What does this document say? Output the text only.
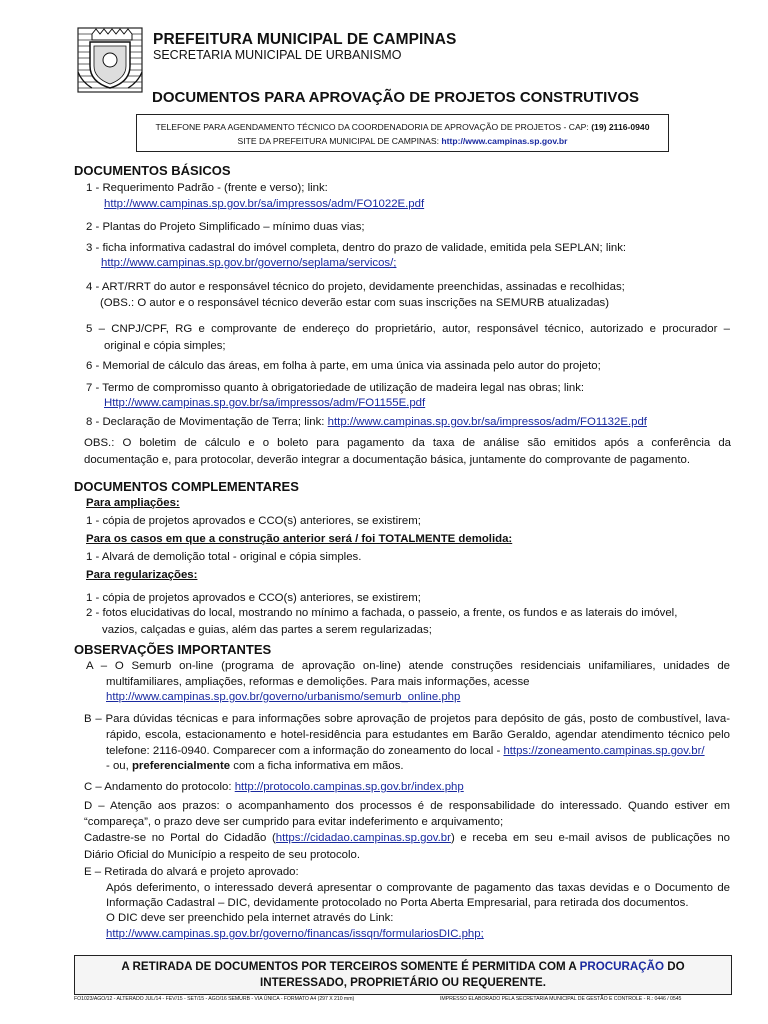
PREFEITURA MUNICIPAL DE CAMPINAS
SECRETARIA MUNICIPAL DE URBANISMO
DOCUMENTOS PARA APROVAÇÃO DE PROJETOS CONSTRUTIVOS
TELEFONE PARA AGENDAMENTO TÉCNICO DA COORDENADORIA DE APROVAÇÃO DE PROJETOS - CAP: (19) 2116-0940
SITE DA PREFEITURA MUNICIPAL DE CAMPINAS: http://www.campinas.sp.gov.br
DOCUMENTOS BÁSICOS
1 - Requerimento Padrão - (frente e verso); link:
http://www.campinas.sp.gov.br/sa/impressos/adm/FO1022E.pdf
2 - Plantas do Projeto Simplificado – mínimo duas vias;
3 - ficha informativa cadastral do imóvel completa, dentro do prazo de validade, emitida pela SEPLAN; link:
http://www.campinas.sp.gov.br/governo/seplama/servicos/;
4 - ART/RRT do autor e responsável técnico do projeto, devidamente preenchidas, assinadas e recolhidas;
(OBS.: O autor e o responsável técnico deverão estar com suas inscrições na SEMURB atualizadas)
5 – CNPJ/CPF, RG e comprovante de endereço do proprietário, autor, responsável técnico, autorizado e procurador –
original e cópia simples;
6 - Memorial de cálculo das áreas, em folha à parte, em uma única via assinada pelo autor do projeto;
7 - Termo de compromisso quanto à obrigatoriedade de utilização de madeira legal nas obras; link:
Http://www.campinas.sp.gov.br/sa/impressos/adm/FO1155E.pdf
8 - Declaração de Movimentação de Terra; link: http://www.campinas.sp.gov.br/sa/impressos/adm/FO1132E.pdf
OBS.: O boletim de cálculo e o boleto para pagamento da taxa de análise são emitidos após a conferência da
documentação e, para protocolar, deverão integrar a documentação básica, juntamente do comprovante de pagamento.
DOCUMENTOS COMPLEMENTARES
Para ampliações:
1 - cópia de projetos aprovados e CCO(s) anteriores, se existirem;
Para os casos em que a construção anterior será / foi TOTALMENTE demolida:
1 - Alvará de demolição total - original e cópia simples.
Para regularizações:
1 - cópia de projetos aprovados e CCO(s) anteriores, se existirem;
2 - fotos elucidativas do local, mostrando no mínimo a fachada, o passeio, a frente, os fundos e as laterais do imóvel,
vazios, calçadas e guias, além das partes a serem regularizadas;
OBSERVAÇÕES IMPORTANTES
A – O Semurb on-line (programa de aprovação on-line) atende construções residenciais unifamiliares, unidades de
multifamiliares, ampliações, reformas e demolições. Para mais informações, acesse
http://www.campinas.sp.gov.br/governo/urbanismo/semurb_online.php
B – Para dúvidas técnicas e para informações sobre aprovação de projetos para depósito de gás, posto de combustível, lava-
rápido, escola, estacionamento e hotel-residência para estudantes em Barão Geraldo, agendar atendimento técnico pelo
telefone: 2116-0940. Comparecer com a informação do zoneamento do local - https://zoneamento.campinas.sp.gov.br/
- ou, preferencialmente com a ficha informativa em mãos.
C – Andamento do protocolo: http://protocolo.campinas.sp.gov.br/index.php
D – Atenção aos prazos: o acompanhamento dos processos é de responsabilidade do interessado. Quando estiver em
“compareça”, o prazo deve ser cumprido para evitar indeferimento e arquivamento;
Cadastre-se no Portal do Cidadão (https://cidadao.campinas.sp.gov.br) e receba em seu e-mail avisos de publicações no
Diário Oficial do Município a respeito de seu protocolo.
E – Retirada do alvará e projeto aprovado:
Após deferimento, o interessado deverá apresentar o comprovante de pagamento das taxas devidas e o Documento de
Informação Cadastral – DIC, devidamente protocolado no Porta Aberta Empresarial, para retirada dos documentos.
O DIC deve ser preenchido pela internet através do Link:
http://www.campinas.sp.gov.br/governo/financas/issqn/formulariosDIC.php;
A RETIRADA DE DOCUMENTOS POR TERCEIROS SOMENTE É PERMITIDA COM A PROCURAÇÃO DO
INTERESSADO, PROPRIETÁRIO OU REQUERENTE.
FO1023/AGO/12 - ALTERADO JUL/14 - FEV/15 - SET/15 - AGO/16 SEMURB - VIA ÚNICA - FORMATO A4 (297 X 210 mm)	IMPRESSO ELABORADO PELA SECRETARIA MUNICIPAL DE GESTÃO E CONTROLE - R.: 0446 / 0545
